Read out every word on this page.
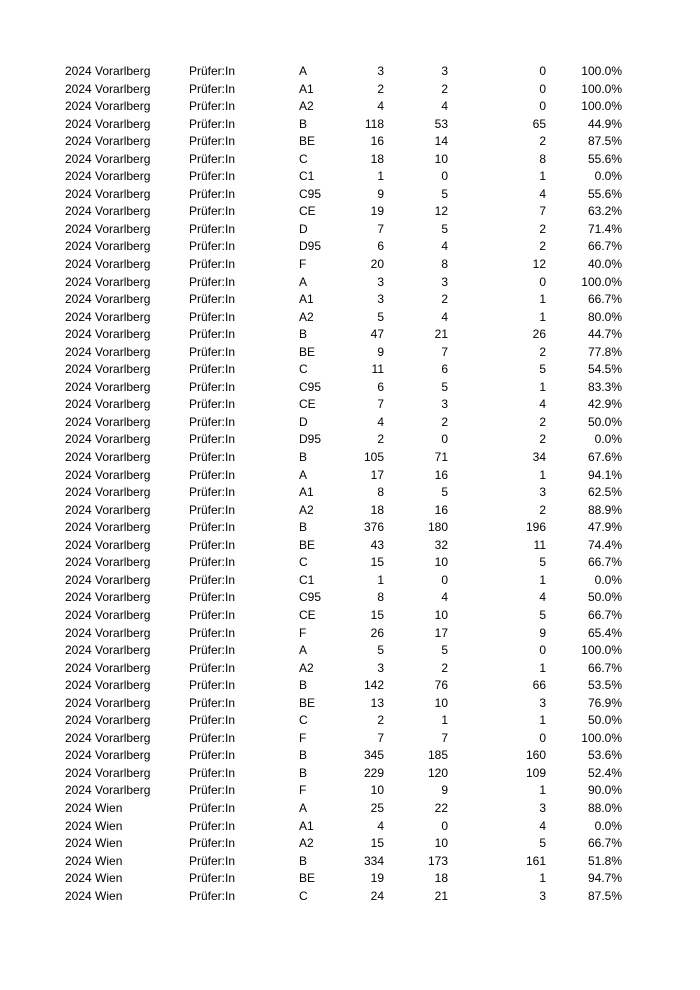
2024 Vorarlberg	Prüfer:In	A	3	3	0	100.0%
2024 Vorarlberg	Prüfer:In	A1	2	2	0	100.0%
2024 Vorarlberg	Prüfer:In	A2	4	4	0	100.0%
2024 Vorarlberg	Prüfer:In	B	118	53	65	44.9%
2024 Vorarlberg	Prüfer:In	BE	16	14	2	87.5%
2024 Vorarlberg	Prüfer:In	C	18	10	8	55.6%
2024 Vorarlberg	Prüfer:In	C1	1	0	1	0.0%
2024 Vorarlberg	Prüfer:In	C95	9	5	4	55.6%
2024 Vorarlberg	Prüfer:In	CE	19	12	7	63.2%
2024 Vorarlberg	Prüfer:In	D	7	5	2	71.4%
2024 Vorarlberg	Prüfer:In	D95	6	4	2	66.7%
2024 Vorarlberg	Prüfer:In	F	20	8	12	40.0%
2024 Vorarlberg	Prüfer:In	A	3	3	0	100.0%
2024 Vorarlberg	Prüfer:In	A1	3	2	1	66.7%
2024 Vorarlberg	Prüfer:In	A2	5	4	1	80.0%
2024 Vorarlberg	Prüfer:In	B	47	21	26	44.7%
2024 Vorarlberg	Prüfer:In	BE	9	7	2	77.8%
2024 Vorarlberg	Prüfer:In	C	11	6	5	54.5%
2024 Vorarlberg	Prüfer:In	C95	6	5	1	83.3%
2024 Vorarlberg	Prüfer:In	CE	7	3	4	42.9%
2024 Vorarlberg	Prüfer:In	D	4	2	2	50.0%
2024 Vorarlberg	Prüfer:In	D95	2	0	2	0.0%
2024 Vorarlberg	Prüfer:In	B	105	71	34	67.6%
2024 Vorarlberg	Prüfer:In	A	17	16	1	94.1%
2024 Vorarlberg	Prüfer:In	A1	8	5	3	62.5%
2024 Vorarlberg	Prüfer:In	A2	18	16	2	88.9%
2024 Vorarlberg	Prüfer:In	B	376	180	196	47.9%
2024 Vorarlberg	Prüfer:In	BE	43	32	11	74.4%
2024 Vorarlberg	Prüfer:In	C	15	10	5	66.7%
2024 Vorarlberg	Prüfer:In	C1	1	0	1	0.0%
2024 Vorarlberg	Prüfer:In	C95	8	4	4	50.0%
2024 Vorarlberg	Prüfer:In	CE	15	10	5	66.7%
2024 Vorarlberg	Prüfer:In	F	26	17	9	65.4%
2024 Vorarlberg	Prüfer:In	A	5	5	0	100.0%
2024 Vorarlberg	Prüfer:In	A2	3	2	1	66.7%
2024 Vorarlberg	Prüfer:In	B	142	76	66	53.5%
2024 Vorarlberg	Prüfer:In	BE	13	10	3	76.9%
2024 Vorarlberg	Prüfer:In	C	2	1	1	50.0%
2024 Vorarlberg	Prüfer:In	F	7	7	0	100.0%
2024 Vorarlberg	Prüfer:In	B	345	185	160	53.6%
2024 Vorarlberg	Prüfer:In	B	229	120	109	52.4%
2024 Vorarlberg	Prüfer:In	F	10	9	1	90.0%
2024 Wien	Prüfer:In	A	25	22	3	88.0%
2024 Wien	Prüfer:In	A1	4	0	4	0.0%
2024 Wien	Prüfer:In	A2	15	10	5	66.7%
2024 Wien	Prüfer:In	B	334	173	161	51.8%
2024 Wien	Prüfer:In	BE	19	18	1	94.7%
2024 Wien	Prüfer:In	C	24	21	3	87.5%
